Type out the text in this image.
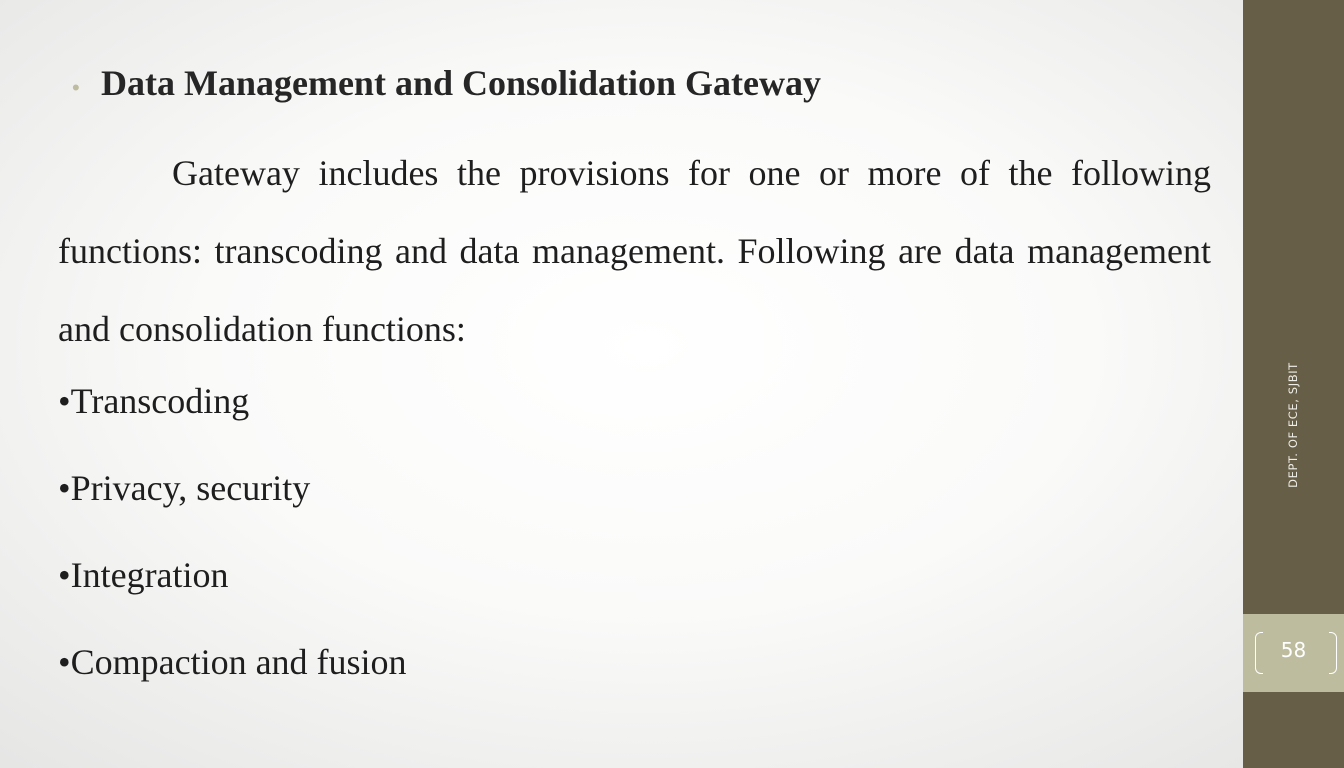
• Data Management and Consolidation Gateway

Gateway includes the provisions for one or more of the following functions: transcoding and data management. Following are data management and consolidation functions:

•Transcoding
•Privacy, security
•Integration
•Compaction and fusion
DEPT. OF ECE, SJBIT
58
